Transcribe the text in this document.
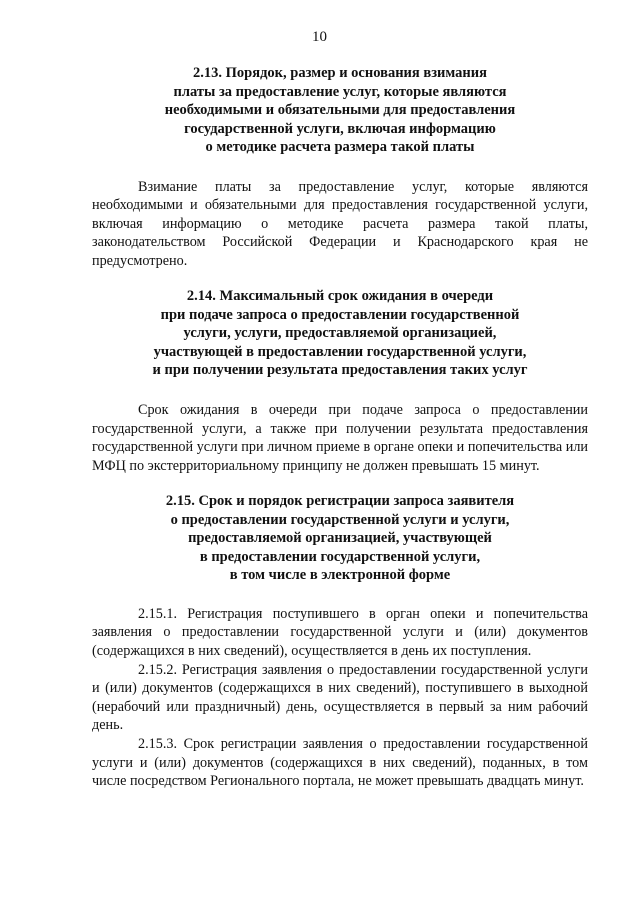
10
2.13. Порядок, размер и основания взимания
платы за предоставление услуг, которые являются
необходимыми и обязательными для предоставления
государственной услуги, включая информацию
о методике расчета размера такой платы

Взимание платы за предоставление услуг, которые являются необходимыми и обязательными для предоставления государственной услуги, включая информацию о методике расчета размера такой платы, законодательством Российской Федерации и Краснодарского края не предусмотрено.

2.14. Максимальный срок ожидания в очереди
при подаче запроса о предоставлении государственной
услуги, услуги, предоставляемой организацией,
участвующей в предоставлении государственной услуги,
и при получении результата предоставления таких услуг

Срок ожидания в очереди при подаче запроса о предоставлении государственной услуги, а также при получении результата предоставления государственной услуги при личном приеме в органе опеки и попечительства или МФЦ по экстерриториальному принципу не должен превышать 15 минут.

2.15. Срок и порядок регистрации запроса заявителя
о предоставлении государственной услуги и услуги,
предоставляемой организацией, участвующей
в предоставлении государственной услуги,
в том числе в электронной форме

2.15.1. Регистрация поступившего в орган опеки и попечительства заявления о предоставлении государственной услуги и (или) документов (содержащихся в них сведений), осуществляется в день их поступления.

2.15.2. Регистрация заявления о предоставлении государственной услуги и (или) документов (содержащихся в них сведений), поступившего в выходной (нерабочий или праздничный) день, осуществляется в первый за ним рабочий день.

2.15.3. Срок регистрации заявления о предоставлении государственной услуги и (или) документов (содержащихся в них сведений), поданных, в том числе посредством Регионального портала, не может превышать двадцать минут.
